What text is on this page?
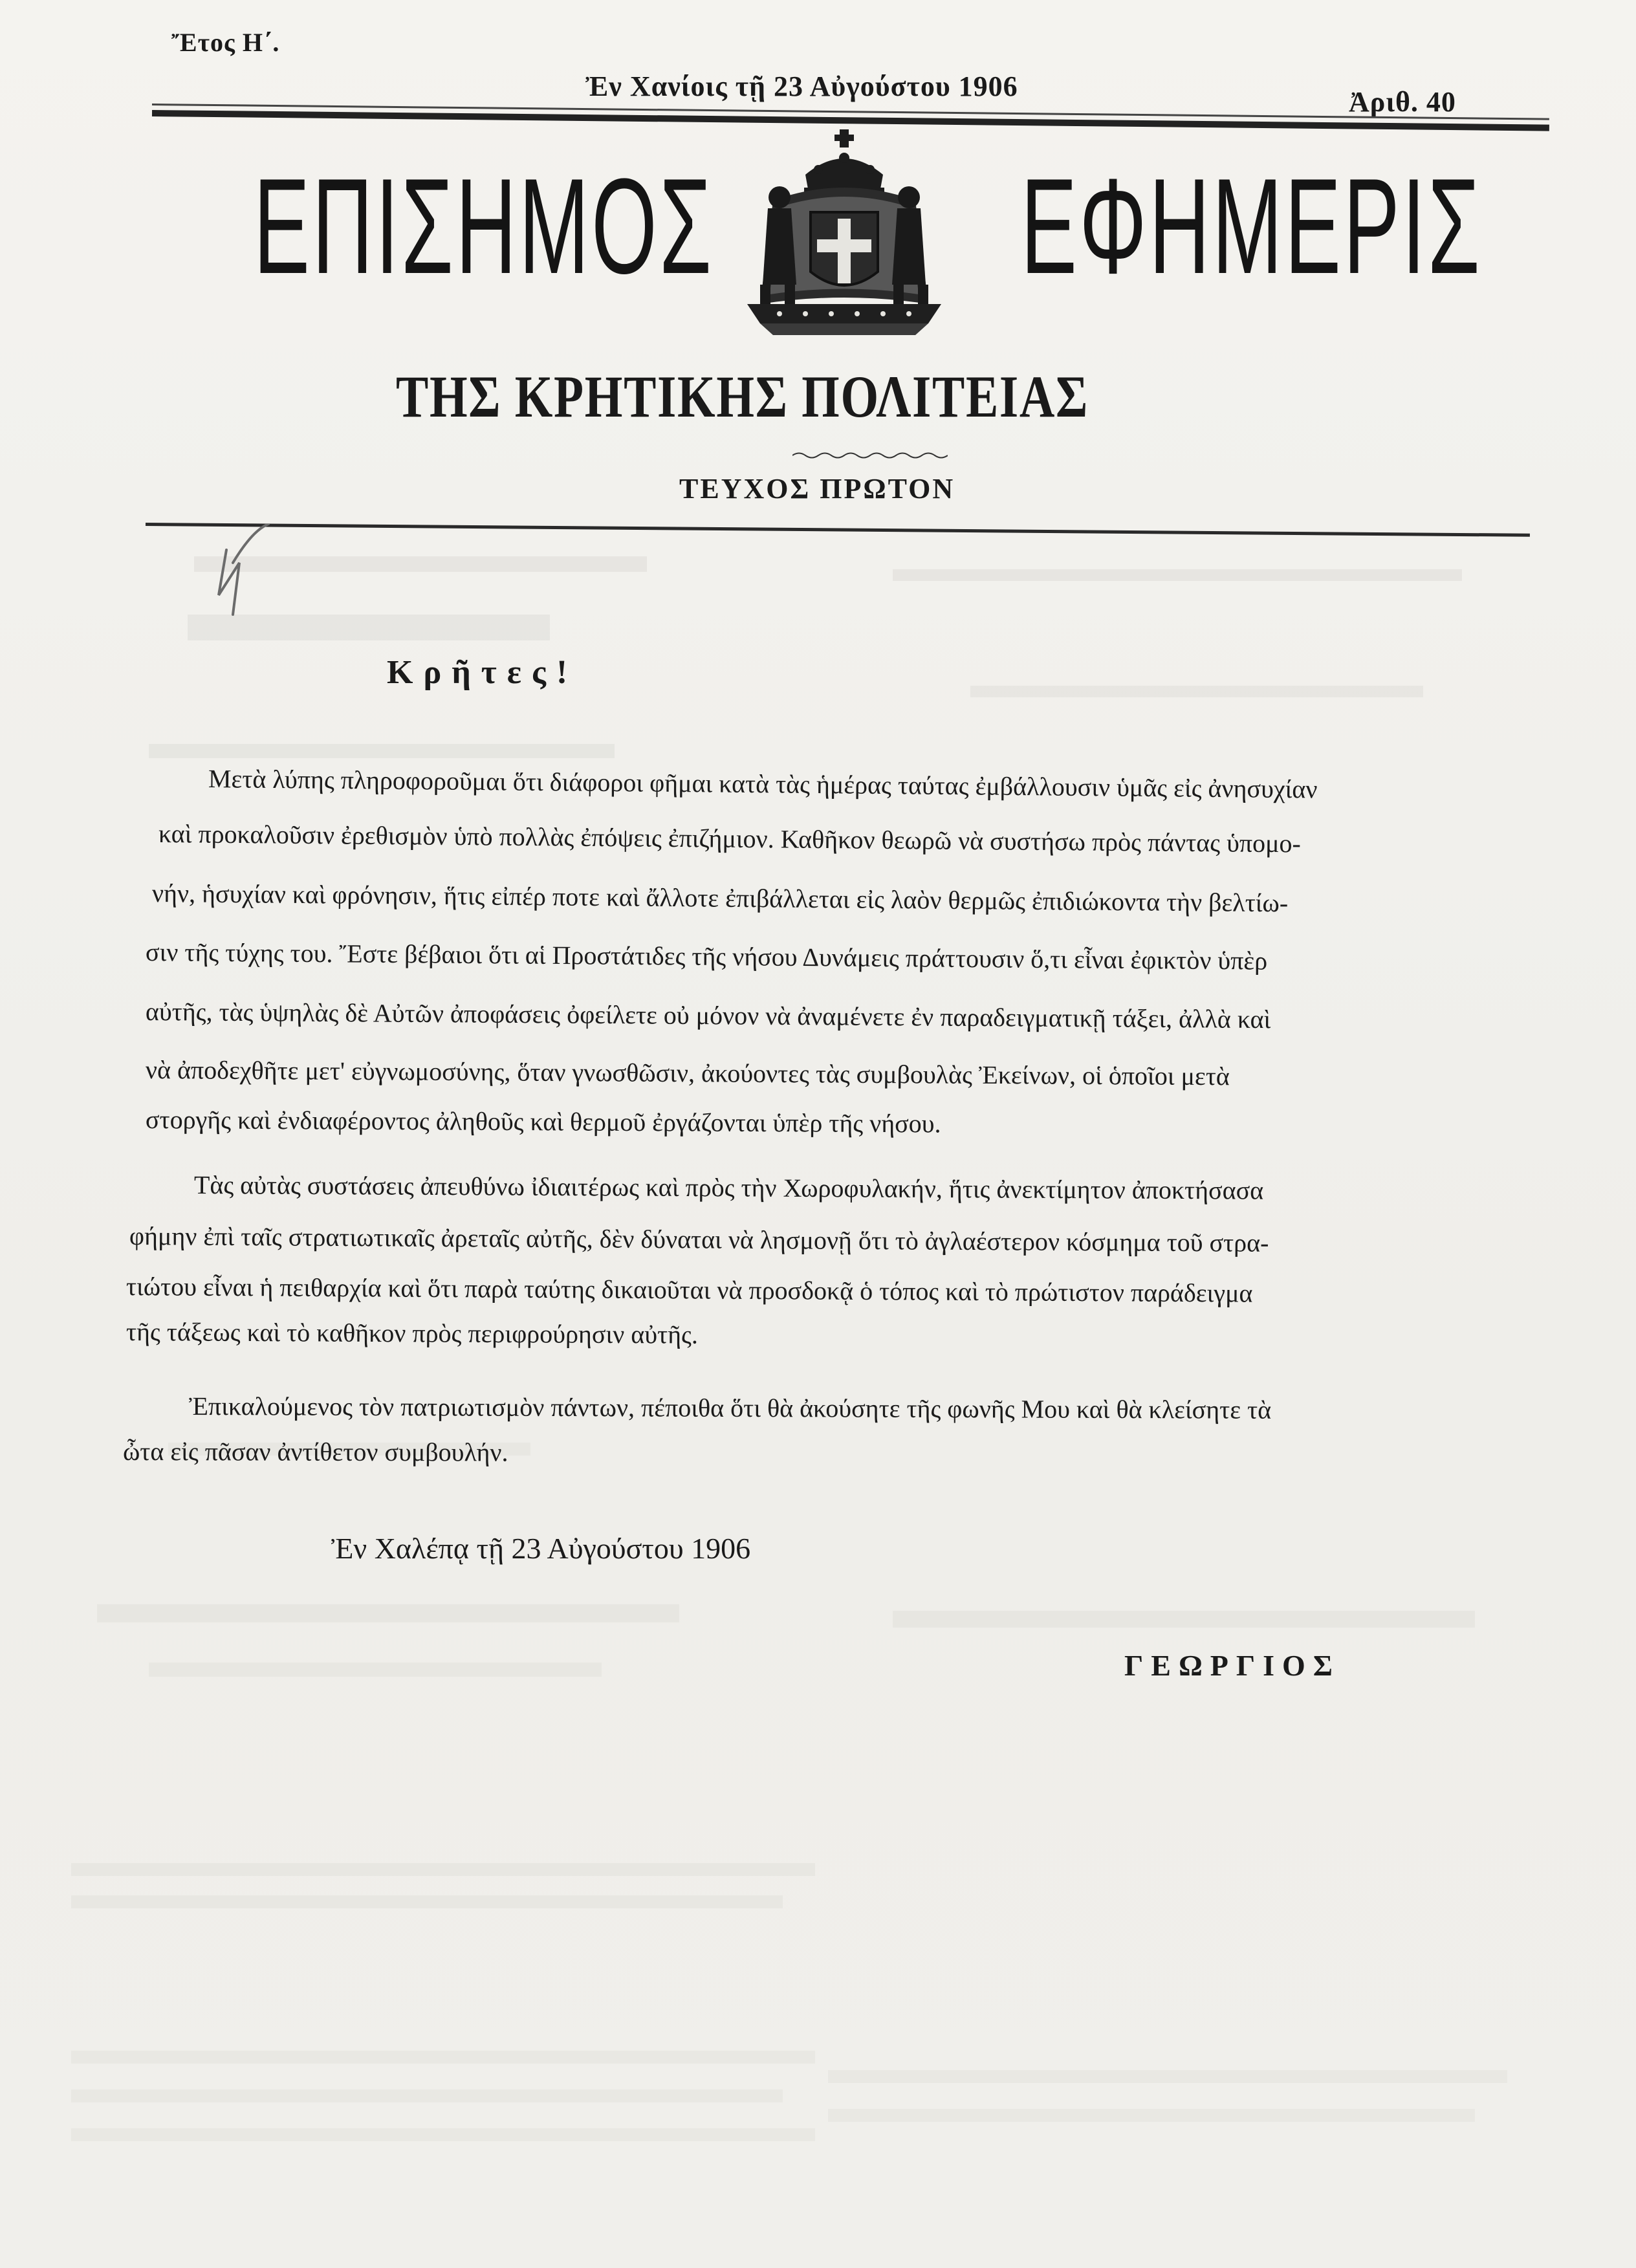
Ἔτος Η΄.
Ἐν Χανίοις τῇ 23 Αὐγούστου 1906	Ἀριθ. 40
ΕΠΙΣΗΜΟΣ ΕΦΗΜΕΡΙΣ
ΤΗΣ ΚΡΗΤΙΚΗΣ ΠΟΛΙΤΕΙΑΣ
ΤΕΥΧΟΣ ΠΡΩΤΟΝ
Κρῆτες!
Μετὰ λύπης πληροφοροῦμαι ὅτι διάφοροι φῆμαι κατὰ τὰς ἡμέρας ταύτας ἐμβάλλουσιν ὑμᾶς εἰς ἀνησυχίαν
καὶ προκαλοῦσιν ἐρεθισμὸν ὑπὸ πολλὰς ἐπόψεις ἐπιζήμιον. Καθῆκον θεωρῶ νὰ συστήσω πρὸς πάντας ὑπομο-
νήν, ἡσυχίαν καὶ φρόνησιν, ἥτις εἰπέρ ποτε καὶ ἄλλοτε ἐπιβάλλεται εἰς λαὸν θερμῶς ἐπιδιώκοντα τὴν βελτίω-
σιν τῆς τύχης του. Ἔστε βέβαιοι ὅτι αἱ Προστάτιδες τῆς νήσου Δυνάμεις πράττουσιν ὅ,τι εἶναι ἐφικτὸν ὑπὲρ
αὐτῆς, τὰς ὑψηλὰς δὲ Αὐτῶν ἀποφάσεις ὀφείλετε οὐ μόνον νὰ ἀναμένετε ἐν παραδειγματικῇ τάξει, ἀλλὰ καὶ
νὰ ἀποδεχθῆτε μετ' εὐγνωμοσύνης, ὅταν γνωσθῶσιν, ἀκούοντες τὰς συμβουλὰς Ἐκείνων, οἱ ὁποῖοι μετὰ
στοργῆς καὶ ἐνδιαφέροντος ἀληθοῦς καὶ θερμοῦ ἐργάζονται ὑπὲρ τῆς νήσου.
Τὰς αὐτὰς συστάσεις ἀπευθύνω ἰδιαιτέρως καὶ πρὸς τὴν Χωροφυλακήν, ἥτις ἀνεκτίμητον ἀποκτήσασα
φήμην ἐπὶ ταῖς στρατιωτικαῖς ἀρεταῖς αὐτῆς, δὲν δύναται νὰ λησμονῇ ὅτι τὸ ἀγλαέστερον κόσμημα τοῦ στρα-
τιώτου εἶναι ἡ πειθαρχία καὶ ὅτι παρὰ ταύτης δικαιοῦται νὰ προσδοκᾷ ὁ τόπος καὶ τὸ πρώτιστον παράδειγμα
τῆς τάξεως καὶ τὸ καθῆκον πρὸς περιφρούρησιν αὐτῆς.
Ἐπικαλούμενος τὸν πατριωτισμὸν πάντων, πέποιθα ὅτι θὰ ἀκούσητε τῆς φωνῆς Μου καὶ θὰ κλείσητε τὰ
ὦτα εἰς πᾶσαν ἀντίθετον συμβουλήν.
Ἐν Χαλέπᾳ τῇ 23 Αὐγούστου 1906
ΓΕΩΡΓΙΟΣ
